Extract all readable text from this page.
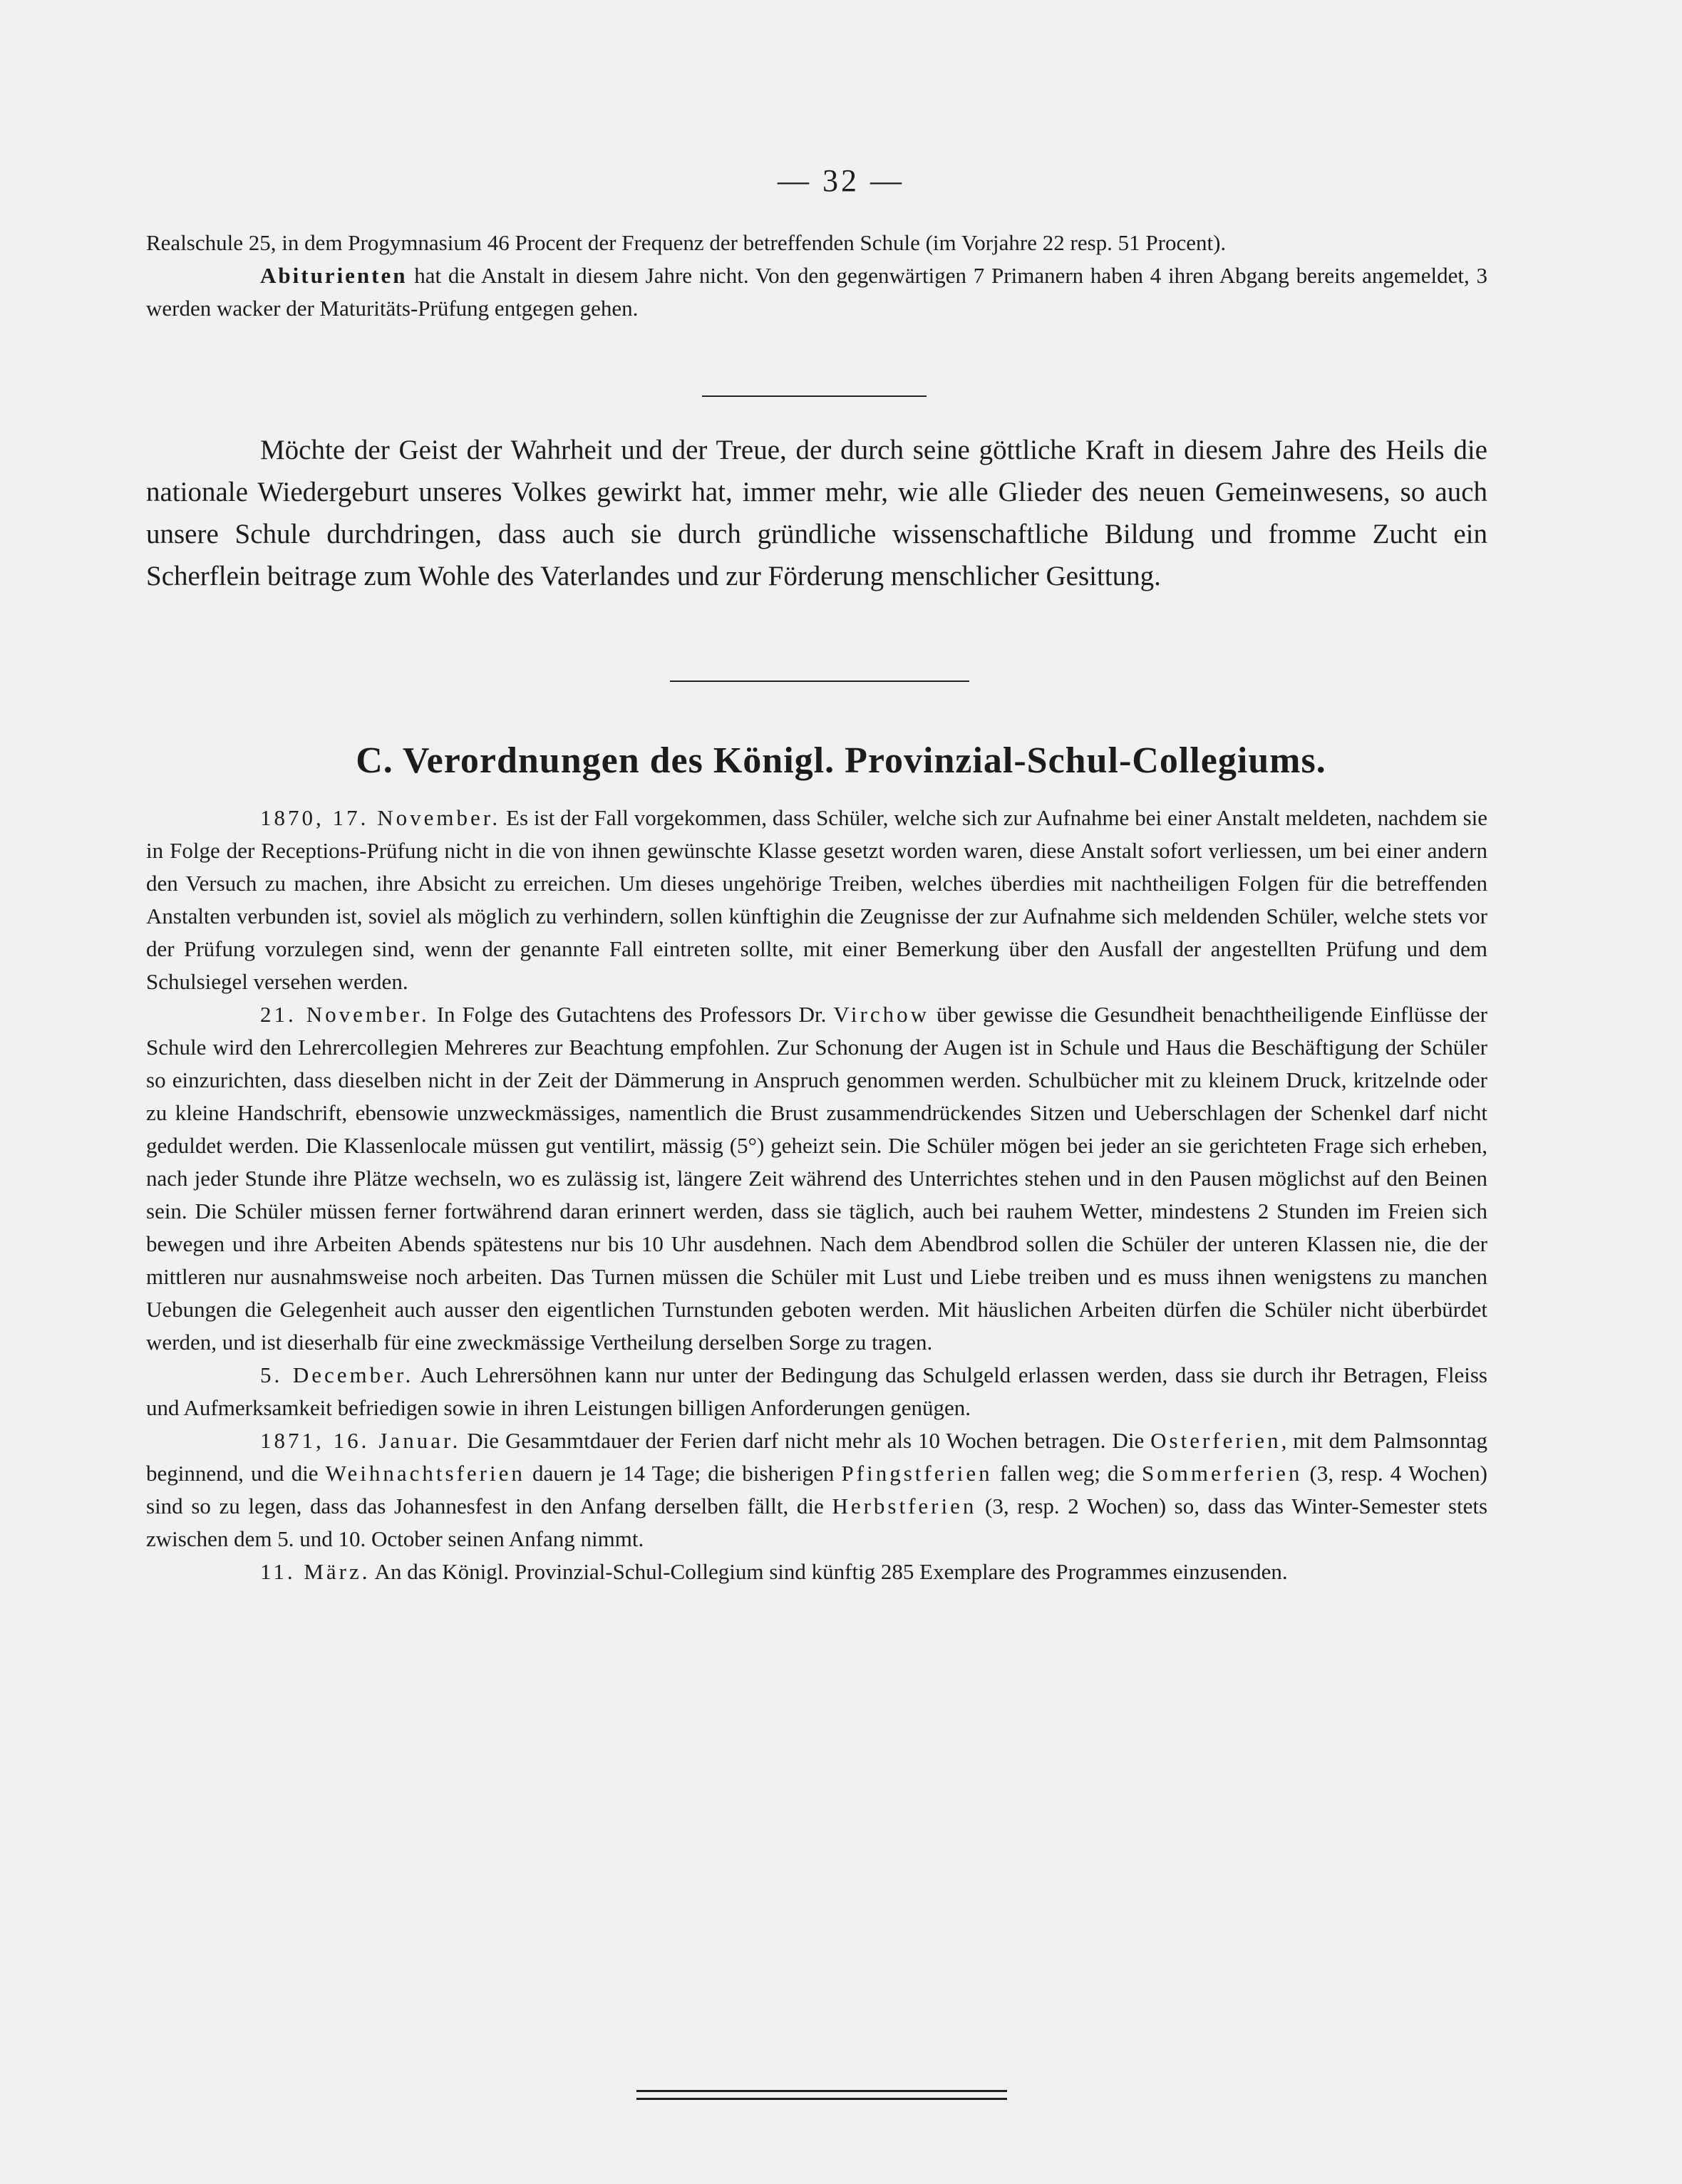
— 32 —

Realschule 25, in dem Progymnasium 46 Procent der Frequenz der betreffenden Schule (im Vorjahre 22 resp. 51 Procent).

Abiturienten hat die Anstalt in diesem Jahre nicht. Von den gegenwärtigen 7 Primanern haben 4 ihren Abgang bereits angemeldet, 3 werden wacker der Maturitäts-Prüfung entgegen gehen.

Möchte der Geist der Wahrheit und der Treue, der durch seine göttliche Kraft in diesem Jahre des Heils die nationale Wiedergeburt unseres Volkes gewirkt hat, immer mehr, wie alle Glieder des neuen Gemeinwesens, so auch unsere Schule durchdringen, dass auch sie durch gründliche wissenschaftliche Bildung und fromme Zucht ein Scherflein beitrage zum Wohle des Vaterlandes und zur Förderung menschlicher Gesittung.

C. Verordnungen des Königl. Provinzial-Schul-Collegiums.

1870, 17. November. Es ist der Fall vorgekommen, dass Schüler, welche sich zur Aufnahme bei einer Anstalt meldeten, nachdem sie in Folge der Receptions-Prüfung nicht in die von ihnen gewünschte Klasse gesetzt worden waren, diese Anstalt sofort verliessen, um bei einer andern den Versuch zu machen, ihre Absicht zu erreichen. Um dieses ungehörige Treiben, welches überdies mit nachtheiligen Folgen für die betreffenden Anstalten verbunden ist, soviel als möglich zu verhindern, sollen künftighin die Zeugnisse der zur Aufnahme sich meldenden Schüler, welche stets vor der Prüfung vorzulegen sind, wenn der genannte Fall eintreten sollte, mit einer Bemerkung über den Ausfall der angestellten Prüfung und dem Schulsiegel versehen werden.

21. November. In Folge des Gutachtens des Professors Dr. Virchow über gewisse die Gesundheit benachtheiligende Einflüsse der Schule wird den Lehrercollegien Mehreres zur Beachtung empfohlen. Zur Schonung der Augen ist in Schule und Haus die Beschäftigung der Schüler so einzurichten, dass dieselben nicht in der Zeit der Dämmerung in Anspruch genommen werden. Schulbücher mit zu kleinem Druck, kritzelnde oder zu kleine Handschrift, ebensowie unzweckmässiges, namentlich die Brust zusammendrückendes Sitzen und Ueberschlagen der Schenkel darf nicht geduldet werden. Die Klassenlocale müssen gut ventilirt, mässig (5°) geheizt sein. Die Schüler mögen bei jeder an sie gerichteten Frage sich erheben, nach jeder Stunde ihre Plätze wechseln, wo es zulässig ist, längere Zeit während des Unterrichtes stehen und in den Pausen möglichst auf den Beinen sein. Die Schüler müssen ferner fortwährend daran erinnert werden, dass sie täglich, auch bei rauhem Wetter, mindestens 2 Stunden im Freien sich bewegen und ihre Arbeiten Abends spätestens nur bis 10 Uhr ausdehnen. Nach dem Abendbrod sollen die Schüler der unteren Klassen nie, die der mittleren nur ausnahmsweise noch arbeiten. Das Turnen müssen die Schüler mit Lust und Liebe treiben und es muss ihnen wenigstens zu manchen Uebungen die Gelegenheit auch ausser den eigentlichen Turnstunden geboten werden. Mit häuslichen Arbeiten dürfen die Schüler nicht überbürdet werden, und ist dieserhalb für eine zweckmässige Vertheilung derselben Sorge zu tragen.

5. December. Auch Lehrersöhnen kann nur unter der Bedingung das Schulgeld erlassen werden, dass sie durch ihr Betragen, Fleiss und Aufmerksamkeit befriedigen sowie in ihren Leistungen billigen Anforderungen genügen.

1871, 16. Januar. Die Gesammtdauer der Ferien darf nicht mehr als 10 Wochen betragen. Die Osterferien, mit dem Palmsonntag beginnend, und die Weihnachtsferien dauern je 14 Tage; die bisherigen Pfingstferien fallen weg; die Sommerferien (3, resp. 4 Wochen) sind so zu legen, dass das Johannesfest in den Anfang derselben fällt, die Herbstferien (3, resp. 2 Wochen) so, dass das Winter-Semester stets zwischen dem 5. und 10. October seinen Anfang nimmt.

11. März. An das Königl. Provinzial-Schul-Collegium sind künftig 285 Exemplare des Programmes einzusenden.
